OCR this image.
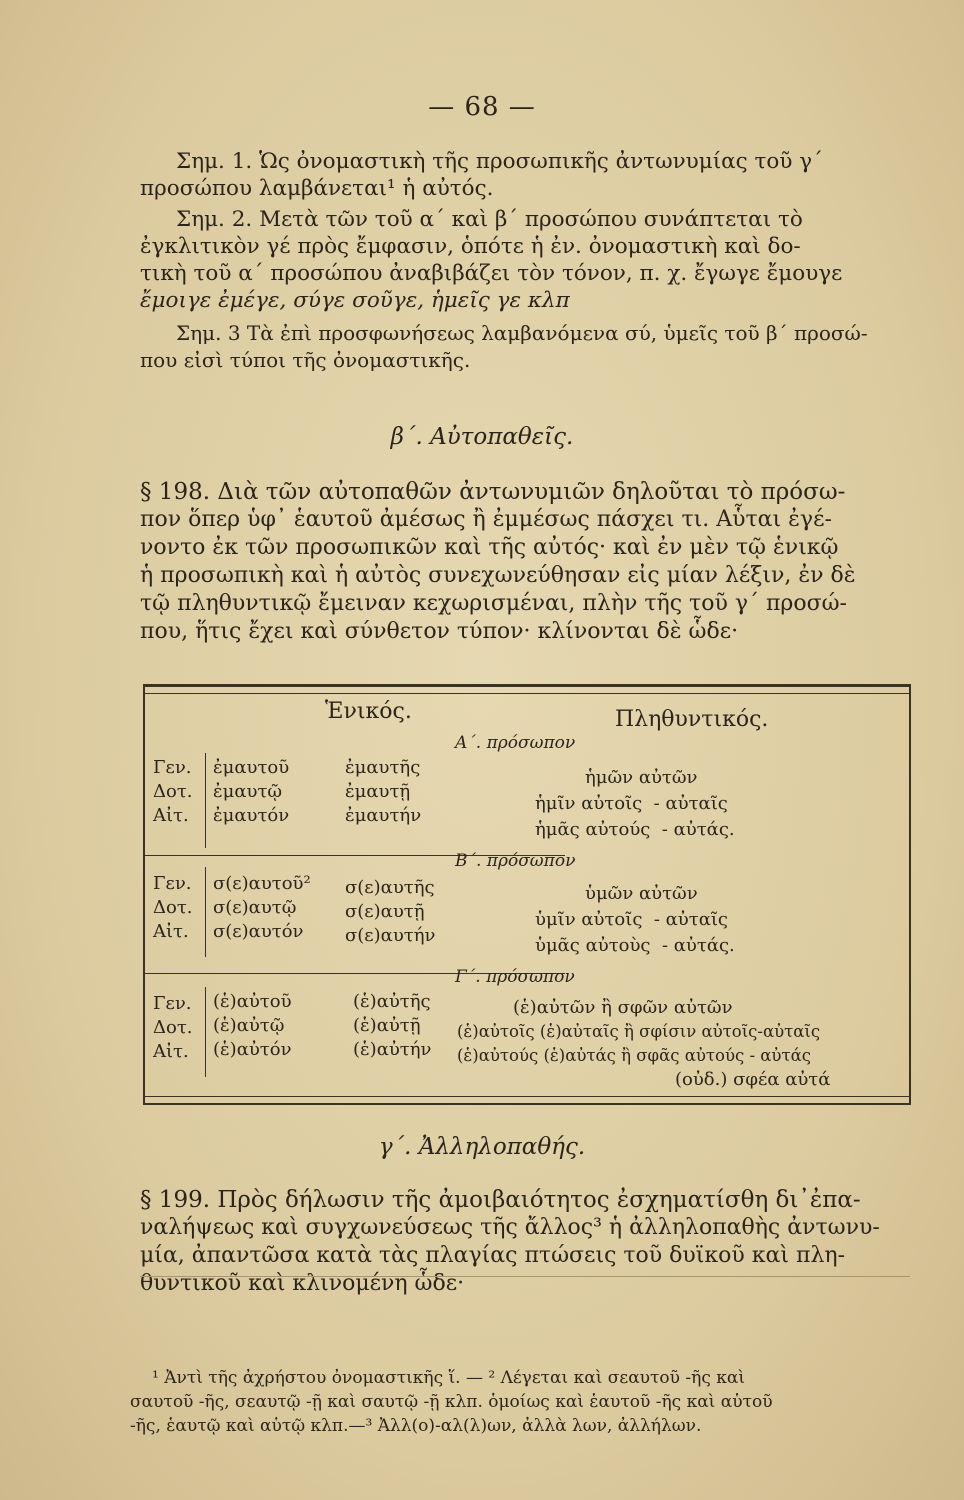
— 68 —

Σημ. 1. Ὡς ὀνομαστικὴ τῆς προσωπικῆς ἀντωνυμίας τοῦ γ´

προσώπου λαμβάνεται¹ ἡ αὐτός.

Σημ. 2. Μετὰ τῶν τοῦ α´ καὶ β´ προσώπου συνάπτεται τὸ

ἐγκλιτικὸν γέ πρὸς ἔμφασιν, ὁπότε ἡ ἐν. ὀνομαστικὴ καὶ δο-

τικὴ τοῦ α´ προσώπου ἀναβιβάζει τὸν τόνον, π. χ. ἔγωγε ἔμουγε

ἔμοιγε ἐμέγε, σύγε σοῦγε, ἡμεῖς γε κλπ

Σημ. 3 Τὰ ἐπὶ προσφωνήσεως λαμβανόμενα σύ, ὑμεῖς τοῦ β´ προσώ-

που εἰσὶ τύποι τῆς ὀνομαστικῆς.

β´. Αὐτοπαθεῖς.
§ 198. Διὰ τῶν αὐτοπαθῶν ἀντωνυμιῶν δηλοῦται τὸ πρόσω-
πον ὅπερ ὑφ᾽ ἑαυτοῦ ἀμέσως ἢ ἐμμέσως πάσχει τι. Αὗται ἐγέ-
νοντο ἐκ τῶν προσωπικῶν καὶ τῆς αὐτός· καὶ ἐν μὲν τῷ ἑνικῷ
ἡ προσωπικὴ καὶ ἡ αὐτὸς συνεχωνεύθησαν εἰς μίαν λέξιν, ἐν δὲ
τῷ πληθυντικῷ ἔμειναν κεχωρισμέναι, πλὴν τῆς τοῦ γ´ προσώ-
που, ἥτις ἔχει καὶ σύνθετον τύπον· κλίνονται δὲ ὧδε·
Ἑνικός.	Πληθυντικός.
Α´. πρόσωπον
Γεν.
Δοτ.
Αἰτ.
ἐμαυτοῦ
ἐμαυτῷ
ἐμαυτόν
ἐμαυτῆς
ἐμαυτῇ
ἐμαυτήν
ἡμῶν αὐτῶν
ἡμῖν αὐτοῖς  - αὐταῖς
ἡμᾶς αὐτούς  - αὐτάς.
Β´. πρόσωπον
Γεν.
Δοτ.
Αἰτ.
σ(ε)αυτοῦ²
σ(ε)αυτῷ
σ(ε)αυτόν
σ(ε)αυτῆς
σ(ε)αυτῇ
σ(ε)αυτήν
ὑμῶν αὐτῶν
ὑμῖν αὐτοῖς  - αὐταῖς
ὑμᾶς αὐτοὺς  - αὐτάς.
Γ´. πρόσωπον
Γεν.
Δοτ.
Αἰτ.
(ἑ)αὐτοῦ
(ἑ)αὐτῷ
(ἑ)αὐτόν
(ἑ)αὐτῆς
(ἑ)αὐτῇ
(ἑ)αὐτήν
(ἑ)αὐτῶν ἢ σφῶν αὐτῶν
(ἑ)αὐτοῖς (ἑ)αὐταῖς ἢ σφίσιν αὐτοῖς-αὐταῖς
(ἑ)αὐτούς (ἑ)αὐτάς ἢ σφᾶς αὐτούς - αὐτάς
(οὐδ.) σφέα αὐτά
γ´. Ἀλληλοπαθής.
§ 199. Πρὸς δήλωσιν τῆς ἀμοιβαιότητος ἐσχηματίσθη δι᾽ἐπα-
ναλήψεως καὶ συγχωνεύσεως τῆς ἄλλος³ ἡ ἀλληλοπαθὴς ἀντωνυ-
μία, ἀπαντῶσα κατὰ τὰς πλαγίας πτώσεις τοῦ δυϊκοῦ καὶ πλη-
θυντικοῦ καὶ κλινομένη ὧδε·
¹ Ἀντὶ τῆς ἀχρήστου ὀνομαστικῆς ἵ. — ² Λέγεται καὶ σεαυτοῦ -ῆς καὶ
σαυτοῦ -ῆς, σεαυτῷ -ῇ καὶ σαυτῷ -ῇ κλπ. ὁμοίως καὶ ἑαυτοῦ -ῆς καὶ αὑτοῦ
-ῆς, ἑαυτῷ καὶ αὑτῷ κλπ.—³ Ἀλλ(ο)-αλ(λ)ων, ἀλλὰ λων, ἀλλήλων.
